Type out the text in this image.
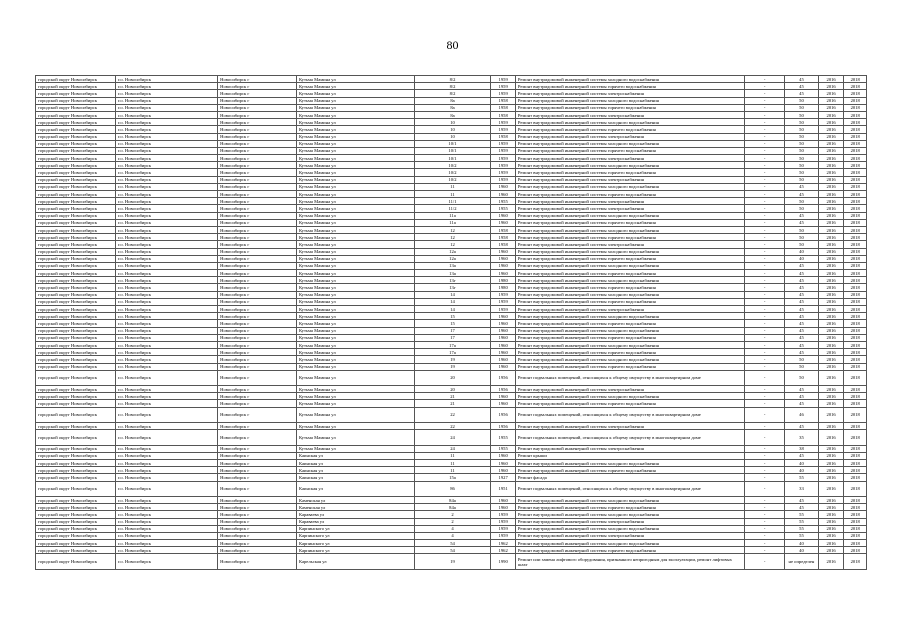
80
городской округ Новосибирск	г.о. Новосибирск	Новосибирск г	Кутьма Мамина ул	8/2	1959	Ремонт внутридомовой инженерной системы холодного водоснабжения	-	45	2016	2018
городской округ Новосибирск	г.о. Новосибирск	Новосибирск г	Кутьма Мамина ул	8/2	1959	Ремонт внутридомовой инженерной системы горячего водоснабжения	-	45	2016	2018
городской округ Новосибирск	г.о. Новосибирск	Новосибирск г	Кутьма Мамина ул	8/2	1959	Ремонт внутридомовой инженерной системы электроснабжения	-	45	2016	2018
городской округ Новосибирск	г.о. Новосибирск	Новосибирск г	Кутьма Мамина ул	8а	1958	Ремонт внутридомовой инженерной системы холодного водоснабжения	-	50	2016	2018
городской округ Новосибирск	г.о. Новосибирск	Новосибирск г	Кутьма Мамина ул	8а	1958	Ремонт внутридомовой инженерной системы горячего водоснабжения	-	50	2016	2018
городской округ Новосибирск	г.о. Новосибирск	Новосибирск г	Кутьма Мамина ул	8а	1958	Ремонт внутридомовой инженерной системы электроснабжения	-	50	2016	2018
городской округ Новосибирск	г.о. Новосибирск	Новосибирск г	Кутьма Мамина ул	10	1959	Ремонт внутридомовой инженерной системы холодного водоснабжения	-	50	2016	2018
городской округ Новосибирск	г.о. Новосибирск	Новосибирск г	Кутьма Мамина ул	10	1959	Ремонт внутридомовой инженерной системы горячего водоснабжения	-	50	2016	2018
городской округ Новосибирск	г.о. Новосибирск	Новосибирск г	Кутьма Мамина ул	10	1958	Ремонт внутридомовой инженерной системы электроснабжения	-	50	2016	2018
городской округ Новосибирск	г.о. Новосибирск	Новосибирск г	Кутьма Мамина ул	10/1	1959	Ремонт внутридомовой инженерной системы холодного водоснабжения	-	50	2016	2018
городской округ Новосибирск	г.о. Новосибирск	Новосибирск г	Кутьма Мамина ул	10/1	1959	Ремонт внутридомовой инженерной системы горячего водоснабжения	-	50	2016	2018
городской округ Новосибирск	г.о. Новосибирск	Новосибирск г	Кутьма Мамина ул	10/1	1959	Ремонт внутридомовой инженерной системы электроснабжения	-	50	2016	2018
городской округ Новосибирск	г.о. Новосибирск	Новосибирск г	Кутьма Мамина ул	10/2	1959	Ремонт внутридомовой инженерной системы холодного водоснабжения	-	50	2016	2018
городской округ Новосибирск	г.о. Новосибирск	Новосибирск г	Кутьма Мамина ул	10/2	1959	Ремонт внутридомовой инженерной системы горячего водоснабжения	-	50	2016	2018
городской округ Новосибирск	г.о. Новосибирск	Новосибирск г	Кутьма Мамина ул	10/2	1959	Ремонт внутридомовой инженерной системы электроснабжения	-	50	2016	2018
городской округ Новосибирск	г.о. Новосибирск	Новосибирск г	Кутьма Мамина ул	11	1960	Ремонт внутридомовой инженерной системы холодного водоснабжения	-	45	2016	2018
городской округ Новосибирск	г.о. Новосибирск	Новосибирск г	Кутьма Мамина ул	11	1960	Ремонт внутридомовой инженерной системы горячего водоснабжения	-	45	2016	2018
городской округ Новосибирск	г.о. Новосибирск	Новосибирск г	Кутьма Мамина ул	11/1	1955	Ремонт внутридомовой инженерной системы электроснабжения	-	50	2016	2018
городской округ Новосибирск	г.о. Новосибирск	Новосибирск г	Кутьма Мамина ул	11/2	1955	Ремонт внутридомовой инженерной системы электроснабжения	-	50	2016	2018
городской округ Новосибирск	г.о. Новосибирск	Новосибирск г	Кутьма Мамина ул	11а	1960	Ремонт внутридомовой инженерной системы холодного водоснабжения	-	45	2016	2018
городской округ Новосибирск	г.о. Новосибирск	Новосибирск г	Кутьма Мамина ул	11а	1960	Ремонт внутридомовой инженерной системы горячего водоснабжения	-	45	2016	2018
городской округ Новосибирск	г.о. Новосибирск	Новосибирск г	Кутьма Мамина ул	12	1958	Ремонт внутридомовой инженерной системы холодного водоснабжения	-	50	2016	2018
городской округ Новосибирск	г.о. Новосибирск	Новосибирск г	Кутьма Мамина ул	12	1958	Ремонт внутридомовой инженерной системы горячего водоснабжения	-	50	2016	2018
городской округ Новосибирск	г.о. Новосибирск	Новосибирск г	Кутьма Мамина ул	12	1958	Ремонт внутридомовой инженерной системы электроснабжения	-	50	2016	2018
городской округ Новосибирск	г.о. Новосибирск	Новосибирск г	Кутьма Мамина ул	12а	1960	Ремонт внутридомовой инженерной системы холодного водоснабжения	-	40	2016	2018
городской округ Новосибирск	г.о. Новосибирск	Новосибирск г	Кутьма Мамина ул	12а	1960	Ремонт внутридомовой инженерной системы горячего водоснабжения	-	40	2016	2018
городской округ Новосибирск	г.о. Новосибирск	Новосибирск г	Кутьма Мамина ул	13а	1960	Ремонт внутридомовой инженерной системы холодного водоснабжения	-	45	2016	2018
городской округ Новосибирск	г.о. Новосибирск	Новосибирск г	Кутьма Мамина ул	13а	1960	Ремонт внутридомовой инженерной системы горячего водоснабжения	-	45	2016	2018
городской округ Новосибирск	г.о. Новосибирск	Новосибирск г	Кутьма Мамина ул	13г	1980	Ремонт внутридомовой инженерной системы холодного водоснабжения	-	45	2016	2018
городской округ Новосибирск	г.о. Новосибирск	Новосибирск г	Кутьма Мамина ул	13г	1980	Ремонт внутридомовой инженерной системы горячего водоснабжения	-	45	2016	2018
городской округ Новосибирск	г.о. Новосибирск	Новосибирск г	Кутьма Мамина ул	14	1959	Ремонт внутридомовой инженерной системы холодного водоснабжения	-	45	2016	2018
городской округ Новосибирск	г.о. Новосибирск	Новосибирск г	Кутьма Мамина ул	14	1959	Ремонт внутридомовой инженерной системы горячего водоснабжения	-	45	2016	2018
городской округ Новосибирск	г.о. Новосибирск	Новосибирск г	Кутьма Мамина ул	14	1959	Ремонт внутридомовой инженерной системы электроснабжения	-	45	2016	2018
городской округ Новосибирск	г.о. Новосибирск	Новосибирск г	Кутьма Мамина ул	15	1960	Ремонт внутридомовой инженерной системы холодного водоснабжения	-	45	2016	2018
городской округ Новосибирск	г.о. Новосибирск	Новосибирск г	Кутьма Мамина ул	15	1960	Ремонт внутридомовой инженерной системы горячего водоснабжения	-	45	2016	2018
городской округ Новосибирск	г.о. Новосибирск	Новосибирск г	Кутьма Мамина ул	17	1960	Ремонт внутридомовой инженерной системы холодного водоснабжения	-	45	2016	2018
городской округ Новосибирск	г.о. Новосибирск	Новосибирск г	Кутьма Мамина ул	17	1960	Ремонт внутридомовой инженерной системы горячего водоснабжения	-	45	2016	2018
городской округ Новосибирск	г.о. Новосибирск	Новосибирск г	Кутьма Мамина ул	17а	1960	Ремонт внутридомовой инженерной системы холодного водоснабжения	-	45	2016	2018
городской округ Новосибирск	г.о. Новосибирск	Новосибирск г	Кутьма Мамина ул	17а	1960	Ремонт внутридомовой инженерной системы горячего водоснабжения	-	45	2016	2018
городской округ Новосибирск	г.о. Новосибирск	Новосибирск г	Кутьма Мамина ул	19	1960	Ремонт внутридомовой инженерной системы холодного водоснабжения	-	50	2016	2018
городской округ Новосибирск	г.о. Новосибирск	Новосибирск г	Кутьма Мамина ул	19	1960	Ремонт внутридомовой инженерной системы горячего водоснабжения	-	50	2016	2018
городской округ Новосибирск	г.о. Новосибирск	Новосибирск г	Кутьма Мамина ул	20	1956	Ремонт подвальных помещений, относящихся к общему имуществу в многоквартирном доме	-	50	2016	2018
городской округ Новосибирск	г.о. Новосибирск	Новосибирск г	Кутьма Мамина ул	20	1956	Ремонт внутридомовой инженерной системы электроснабжения	-	45	2016	2018
городской округ Новосибирск	г.о. Новосибирск	Новосибирск г	Кутьма Мамина ул	21	1960	Ремонт внутридомовой инженерной системы холодного водоснабжения	-	45	2016	2018
городской округ Новосибирск	г.о. Новосибирск	Новосибирск г	Кутьма Мамина ул	21	1960	Ремонт внутридомовой инженерной системы горячего водоснабжения	-	45	2016	2018
городской округ Новосибирск	г.о. Новосибирск	Новосибирск г	Кутьма Мамина ул	22	1956	Ремонт подвальных помещений, относящихся к общему имуществу в многоквартирном доме	-	46	2016	2018
городской округ Новосибирск	г.о. Новосибирск	Новосибирск г	Кутьма Мамина ул	22	1956	Ремонт внутридомовой инженерной системы электроснабжения	-	45	2016	2018
городской округ Новосибирск	г.о. Новосибирск	Новосибирск г	Кутьма Мамина ул	24	1955	Ремонт подвальных помещений, относящихся к общему имуществу в многоквартирном доме	-	35	2016	2018
городской округ Новосибирск	г.о. Новосибирск	Новосибирск г	Кутьма Мамина ул	24	1955	Ремонт внутридомовой инженерной системы электроснабжения	-	38	2016	2018
городской округ Новосибирск	г.о. Новосибирск	Новосибирск г	Каинская ул	11	1960	Ремонт крыши	-	45	2016	2018
городской округ Новосибирск	г.о. Новосибирск	Новосибирск г	Каинская ул	11	1960	Ремонт внутридомовой инженерной системы холодного водоснабжения	-	40	2016	2018
городской округ Новосибирск	г.о. Новосибирск	Новосибирск г	Каинская ул	11	1960	Ремонт внутридомовой инженерной системы горячего водоснабжения	-	40	2016	2018
городской округ Новосибирск	г.о. Новосибирск	Новосибирск г	Каинская ул	15а	1927	Ремонт фасада	-	55	2016	2018
городской округ Новосибирск	г.о. Новосибирск	Новосибирск г	Каинская ул	86	1951	Ремонт подвальных помещений, относящихся к общему имуществу в многоквартирном доме	-	33	2016	2018
городской округ Новосибирск	г.о. Новосибирск	Новосибирск г	Каменская ул	84а	1960	Ремонт внутридомовой инженерной системы холодного водоснабжения	-	45	2016	2018
городской округ Новосибирск	г.о. Новосибирск	Новосибирск г	Каменская ул	84а	1960	Ремонт внутридомовой инженерной системы горячего водоснабжения	-	45	2016	2018
городской округ Новосибирск	г.о. Новосибирск	Новосибирск г	Караваева ул	2	1959	Ремонт внутридомовой инженерной системы холодного водоснабжения	-	55	2016	2018
городской округ Новосибирск	г.о. Новосибирск	Новосибирск г	Караваева ул	2	1959	Ремонт внутридомовой инженерной системы электроснабжения	-	55	2016	2018
городской округ Новосибирск	г.о. Новосибирск	Новосибирск г	Карпинского ул	4	1959	Ремонт внутридомовой инженерной системы холодного водоснабжения	-	55	2016	2018
городской округ Новосибирск	г.о. Новосибирск	Новосибирск г	Карпинского ул	4	1959	Ремонт внутридомовой инженерной системы электроснабжения	-	55	2016	2018
городской округ Новосибирск	г.о. Новосибирск	Новосибирск г	Карпинского ул	54	1962	Ремонт внутридомовой инженерной системы холодного водоснабжения	-	40	2016	2018
городской округ Новосибирск	г.о. Новосибирск	Новосибирск г	Карпинского ул	54	1962	Ремонт внутридомовой инженерной системы горячего водоснабжения	-	40	2016	2018
городской округ Новосибирск	г.о. Новосибирск	Новосибирск г	Карельская ул	19	1990	Ремонт или замена лифтового оборудования, признанного непригодным для эксплуатации, ремонт лифтовых шахт	-	не определен	2016	2018
